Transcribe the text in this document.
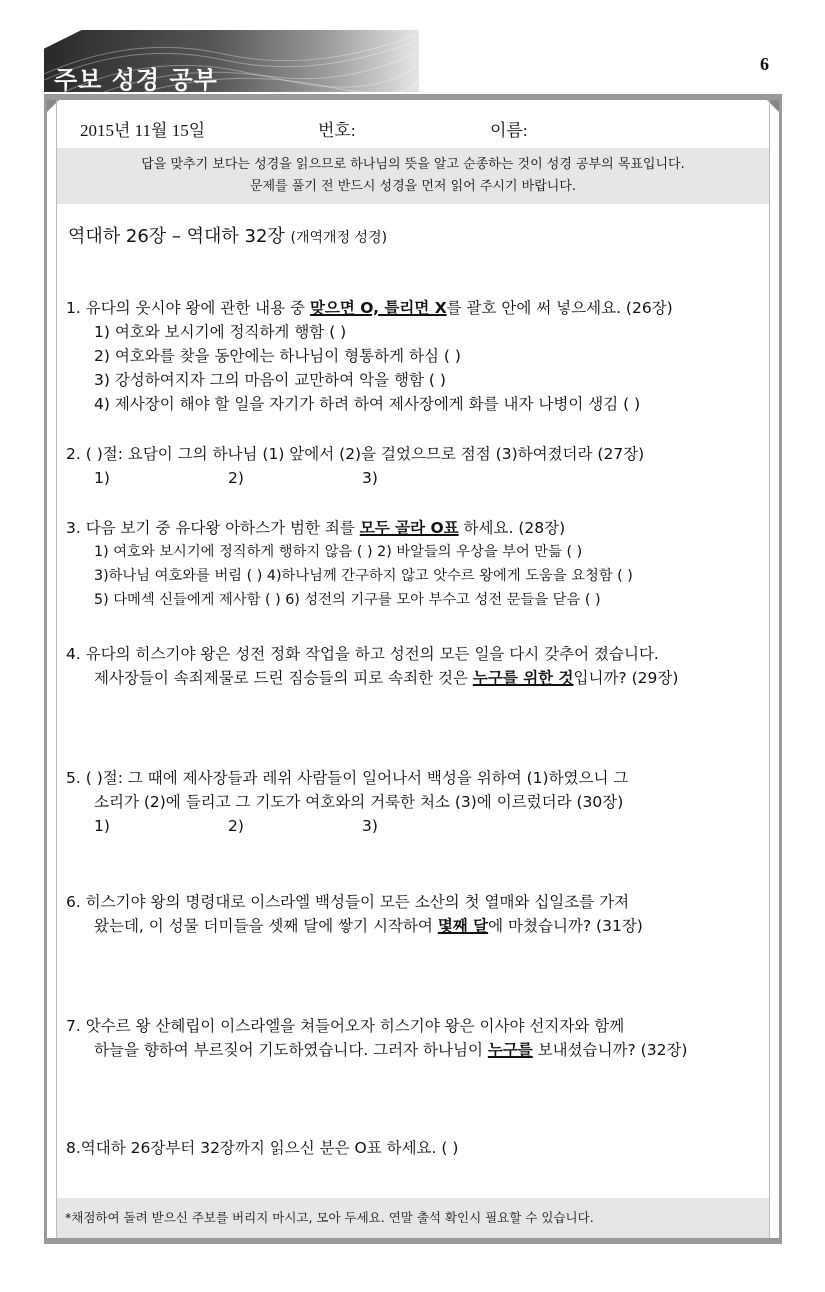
주보 성경 공부
6
2015년 11월 15일	번호:	이름:
답을 맞추기 보다는 성경을 읽으므로 하나님의 뜻을 알고 순종하는 것이 성경 공부의 목표입니다.
문제를 풀기 전 반드시 성경을 먼저 읽어 주시기 바랍니다.
역대하 26장 – 역대하 32장 (개역개정 성경)
1. 유다의 웃시야 왕에 관한 내용 중 맞으면 O, 틀리면 X를 괄호 안에 써 넣으세요. (26장)
1) 여호와 보시기에 정직하게 행함 ( )
2) 여호와를 찾을 동안에는 하나님이 형통하게 하심 ( )
3) 강성하여지자 그의 마음이 교만하여 악을 행함 ( )
4) 제사장이 해야 할 일을 자기가 하려 하여 제사장에게 화를 내자 나병이 생김 ( )
2. ( )절: 요담이 그의 하나님 (1) 앞에서 (2)을 걸었으므로 점점 (3)하여졌더라 (27장)
1)	2)	3)
3. 다음 보기 중 유다왕 아하스가 범한 죄를 모두 골라 O표 하세요. (28장)
1) 여호와 보시기에 정직하게 행하지 않음 ( ) 2) 바알들의 우상을 부어 만듦 ( )
3)하나님 여호와를 버림 ( ) 4)하나님께 간구하지 않고 앗수르 왕에게 도움을 요청함 ( )
5) 다메섹 신들에게 제사함 ( ) 6) 성전의 기구를 모아 부수고 성전 문들을 닫음 ( )
4. 유다의 히스기야 왕은 성전 정화 작업을 하고 성전의 모든 일을 다시 갖추어 졌습니다.
제사장들이 속죄제물로 드린 짐승들의 피로 속죄한 것은 누구를 위한 것입니까? (29장)
5. ( )절: 그 때에 제사장들과 레위 사람들이 일어나서 백성을 위하여 (1)하였으니 그
소리가 (2)에 들리고 그 기도가 여호와의 거룩한 처소 (3)에 이르렀더라 (30장)
1)	2)	3)
6. 히스기야 왕의 명령대로 이스라엘 백성들이 모든 소산의 첫 열매와 십일조를 가져
왔는데, 이 성물 더미들을 셋째 달에 쌓기 시작하여 몇째 달에 마쳤습니까? (31장)
7. 앗수르 왕 산헤립이 이스라엘을 쳐들어오자 히스기야 왕은 이사야 선지자와 함께
하늘을 향하여 부르짖어 기도하였습니다. 그러자 하나님이 누구를 보내셨습니까? (32장)
8.역대하 26장부터 32장까지 읽으신 분은 O표 하세요. ( )
*채점하여 돌려 받으신 주보를 버리지 마시고, 모아 두세요. 연말 출석 확인시 필요할 수 있습니다.
